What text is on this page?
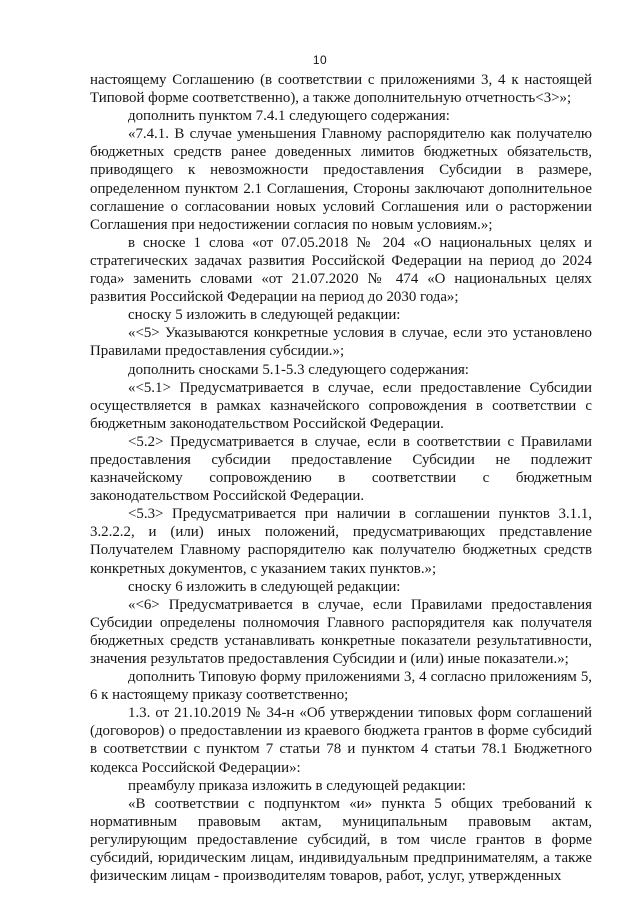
10

настоящему Соглашению (в соответствии с приложениями 3, 4 к настоящей Типовой форме соответственно), а также дополнительную отчетность<3>»;

дополнить пунктом 7.4.1 следующего содержания:

«7.4.1. В случае уменьшения Главному распорядителю как получателю бюджетных средств ранее доведенных лимитов бюджетных обязательств, приводящего к невозможности предоставления Субсидии в размере, определенном пунктом 2.1 Соглашения, Стороны заключают дополнительное соглашение о согласовании новых условий Соглашения или о расторжении Соглашения при недостижении согласия по новым условиям.»;

в сноске 1 слова «от 07.05.2018 № 204 «О национальных целях и стратегических задачах развития Российской Федерации на период до 2024 года» заменить словами «от 21.07.2020 № 474 «О национальных целях развития Российской Федерации на период до 2030 года»;

сноску 5 изложить в следующей редакции:

«<5> Указываются конкретные условия в случае, если это установлено Правилами предоставления субсидии.»;

дополнить сносками 5.1-5.3 следующего содержания:

«<5.1> Предусматривается в случае, если предоставление Субсидии осуществляется в рамках казначейского сопровождения в соответствии с бюджетным законодательством Российской Федерации.

<5.2> Предусматривается в случае, если в соответствии с Правилами предоставления субсидии предоставление Субсидии не подлежит казначейскому сопровождению в соответствии с бюджетным законодательством Российской Федерации.

<5.3> Предусматривается при наличии в соглашении пунктов 3.1.1, 3.2.2.2, и (или) иных положений, предусматривающих представление Получателем Главному распорядителю как получателю бюджетных средств конкретных документов, с указанием таких пунктов.»;

сноску 6 изложить в следующей редакции:

«<6> Предусматривается в случае, если Правилами предоставления Субсидии определены полномочия Главного распорядителя как получателя бюджетных средств устанавливать конкретные показатели результативности, значения результатов предоставления Субсидии и (или) иные показатели.»;

дополнить Типовую форму приложениями 3, 4 согласно приложениям 5, 6 к настоящему приказу соответственно;

1.3. от 21.10.2019 № 34-н «Об утверждении типовых форм соглашений (договоров) о предоставлении из краевого бюджета грантов в форме субсидий в соответствии с пунктом 7 статьи 78 и пунктом 4 статьи 78.1 Бюджетного кодекса Российской Федерации»:

преамбулу приказа изложить в следующей редакции:

«В соответствии с подпунктом «и» пункта 5 общих требований к нормативным правовым актам, муниципальным правовым актам, регулирующим предоставление субсидий, в том числе грантов в форме субсидий, юридическим лицам, индивидуальным предпринимателям, а также физическим лицам - производителям товаров, работ, услуг, утвержденных
